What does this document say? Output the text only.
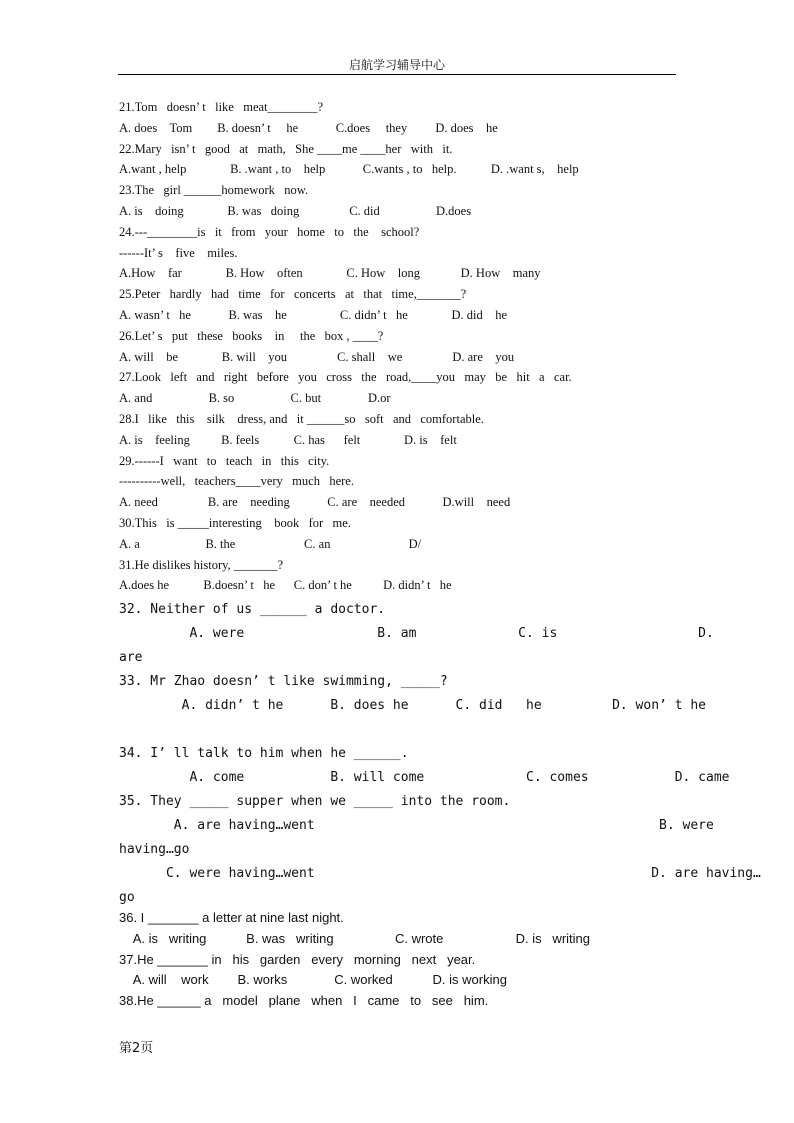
启航学习辅导中心

21.Tom   doesn’ t   like   meat________?

A. does    Tom        B. doesn’ t     he            C.does     they         D. does    he

22.Mary   isn’ t   good   at   math,   She ____me ____her   with   it.

A.want , help              B. .want , to    help            C.wants , to   help.           D. .want s,    help

23.The   girl ______homework   now.

A. is    doing              B. was   doing                C. did                  D.does

24.---________is   it   from   your   home   to   the    school?

------It’ s    five    miles.

A.How    far              B. How    often              C. How    long             D. How    many

25.Peter   hardly   had   time   for   concerts   at   that   time,_______?

A. wasn’ t   he            B. was    he                 C. didn’ t   he              D. did    he

26.Let’ s   put   these   books    in     the   box , ____?

A. will    be              B. will    you                C. shall    we                D. are    you

27.Look   left   and   right   before   you   cross   the   road,____you   may   be   hit   a   car.

A. and                  B. so                  C. but               D.or

28.I   like   this    silk    dress, and   it ______so   soft   and   comfortable.

A. is    feeling          B. feels           C. has      felt              D. is    felt

29.------I   want   to   teach   in   this   city.

----------well,   teachers____very   much   here.

A. need                B. are    needing            C. are    needed            D.will    need

30.This   is _____interesting    book   for   me.

A. a                     B. the                      C. an                         D/

31.He dislikes history, _______?

A.does he           B.doesn’ t   he      C. don’ t he          D. didn’ t   he

32. Neither of us ______ a doctor.

A. were                 B. am             C. is                  D.

are

33. Mr Zhao doesn’ t like swimming, _____?

A. didn’ t he      B. does he      C. did   he         D. won’ t he

34. I’ ll talk to him when he ______.

A. come           B. will come             C. comes           D. came

35. They _____ supper when we _____ into the room.

A. are having…went                                            B. were

having…go

C. were having…went                                           D. are having…

go

36. I _______ a letter at nine last night.

A. is   writing           B. was   writing                 C. wrote                    D. is   writing

37.He _______ in   his   garden   every   morning   next   year.

A. will    work        B. works             C. worked           D. is working

38.He ______ a   model   plane   when   I   came   to   see   him.

第2页
